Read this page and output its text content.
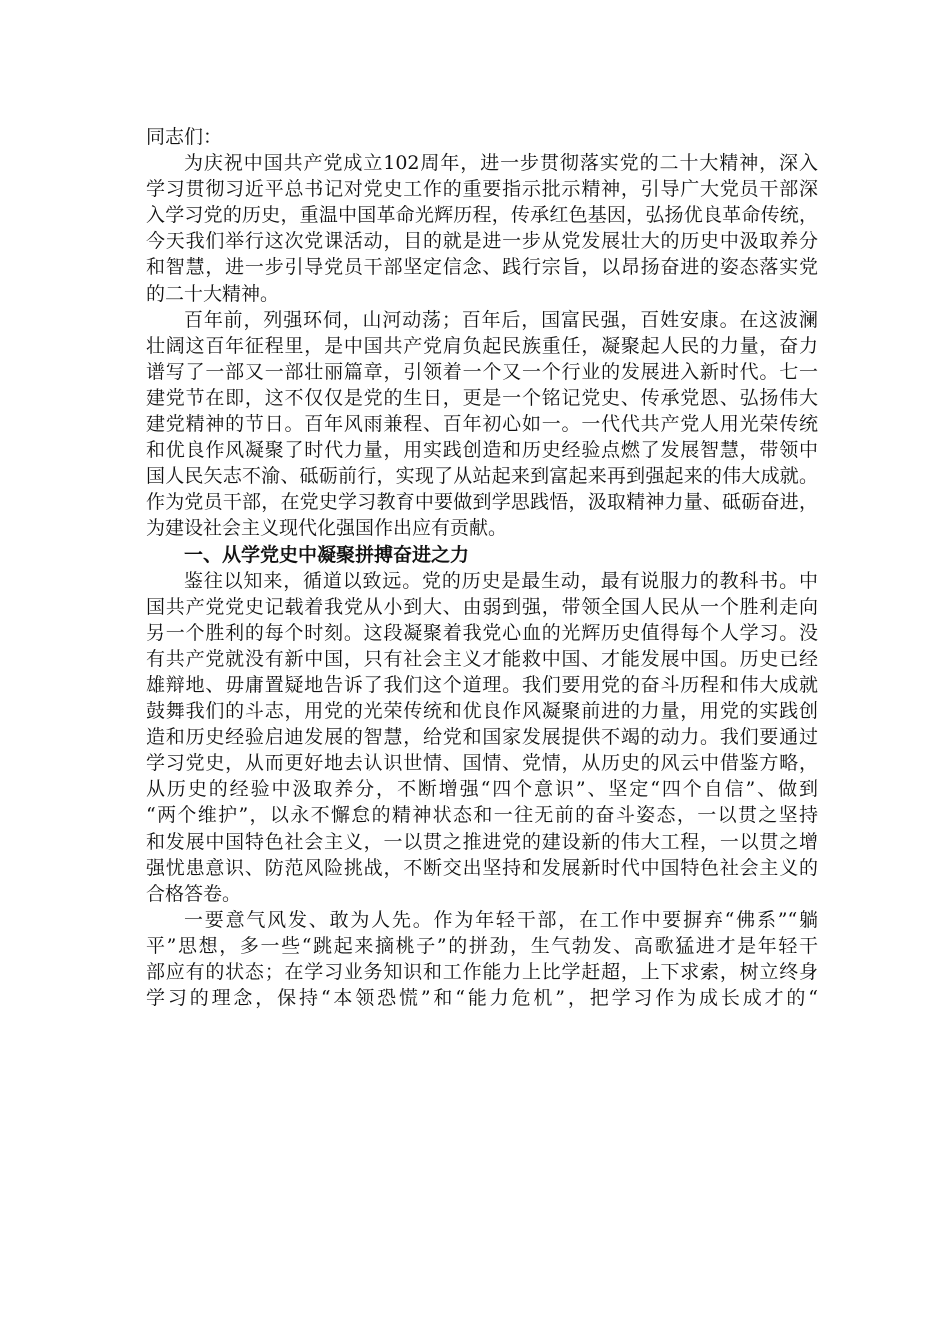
同志们：
为庆祝中国共产党成立102周年，进一步贯彻落实党的二十大精神，深入
学习贯彻习近平总书记对党史工作的重要指示批示精神，引导广大党员干部深
入学习党的历史，重温中国革命光辉历程，传承红色基因，弘扬优良革命传统，
今天我们举行这次党课活动，目的就是进一步从党发展壮大的历史中汲取养分
和智慧，进一步引导党员干部坚定信念、践行宗旨，以昂扬奋进的姿态落实党
的二十大精神。
百年前，列强环伺，山河动荡；百年后，国富民强，百姓安康。在这波澜
壮阔这百年征程里，是中国共产党肩负起民族重任，凝聚起人民的力量，奋力
谱写了一部又一部壮丽篇章，引领着一个又一个行业的发展进入新时代。七一
建党节在即，这不仅仅是党的生日，更是一个铭记党史、传承党恩、弘扬伟大
建党精神的节日。百年风雨兼程、百年初心如一。一代代共产党人用光荣传统
和优良作风凝聚了时代力量，用实践创造和历史经验点燃了发展智慧，带领中
国人民矢志不渝、砥砺前行，实现了从站起来到富起来再到强起来的伟大成就。
作为党员干部，在党史学习教育中要做到学思践悟，汲取精神力量、砥砺奋进，
为建设社会主义现代化强国作出应有贡献。
一、从学党史中凝聚拼搏奋进之力
鉴往以知来，循道以致远。党的历史是最生动，最有说服力的教科书。中
国共产党党史记载着我党从小到大、由弱到强，带领全国人民从一个胜利走向
另一个胜利的每个时刻。这段凝聚着我党心血的光辉历史值得每个人学习。没
有共产党就没有新中国，只有社会主义才能救中国、才能发展中国。历史已经
雄辩地、毋庸置疑地告诉了我们这个道理。我们要用党的奋斗历程和伟大成就
鼓舞我们的斗志，用党的光荣传统和优良作风凝聚前进的力量，用党的实践创
造和历史经验启迪发展的智慧，给党和国家发展提供不竭的动力。我们要通过
学习党史，从而更好地去认识世情、国情、党情，从历史的风云中借鉴方略，
从历史的经验中汲取养分，不断增强“四个意识”、坚定“四个自信”、做到
“两个维护”，以永不懈怠的精神状态和一往无前的奋斗姿态，一以贯之坚持
和发展中国特色社会主义，一以贯之推进党的建设新的伟大工程，一以贯之增
强忧患意识、防范风险挑战，不断交出坚持和发展新时代中国特色社会主义的
合格答卷。
一要意气风发、敢为人先。作为年轻干部，在工作中要摒弃“佛系”“躺
平”思想，多一些“跳起来摘桃子”的拼劲，生气勃发、高歌猛进才是年轻干
部应有的状态；在学习业务知识和工作能力上比学赶超，上下求索，树立终身
学习的理念，保持“本领恐慌”和“能力危机”，把学习作为成长成才的“
